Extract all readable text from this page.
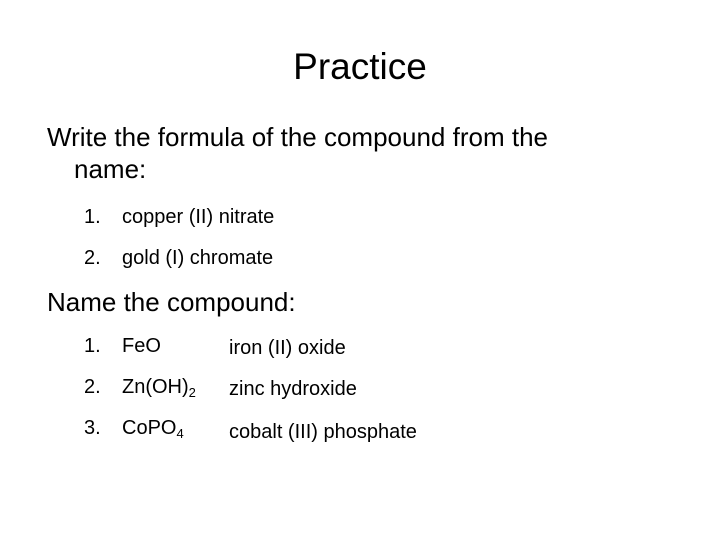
Practice
Write the formula of the compound from the
name:
1. copper (II) nitrate
2. gold (I) chromate
Name the compound:
1. FeO	iron (II) oxide
2. $Zn(OH)_2$ zinc hydroxide
3. CoPO$_4$ cobalt (III) phosphate
